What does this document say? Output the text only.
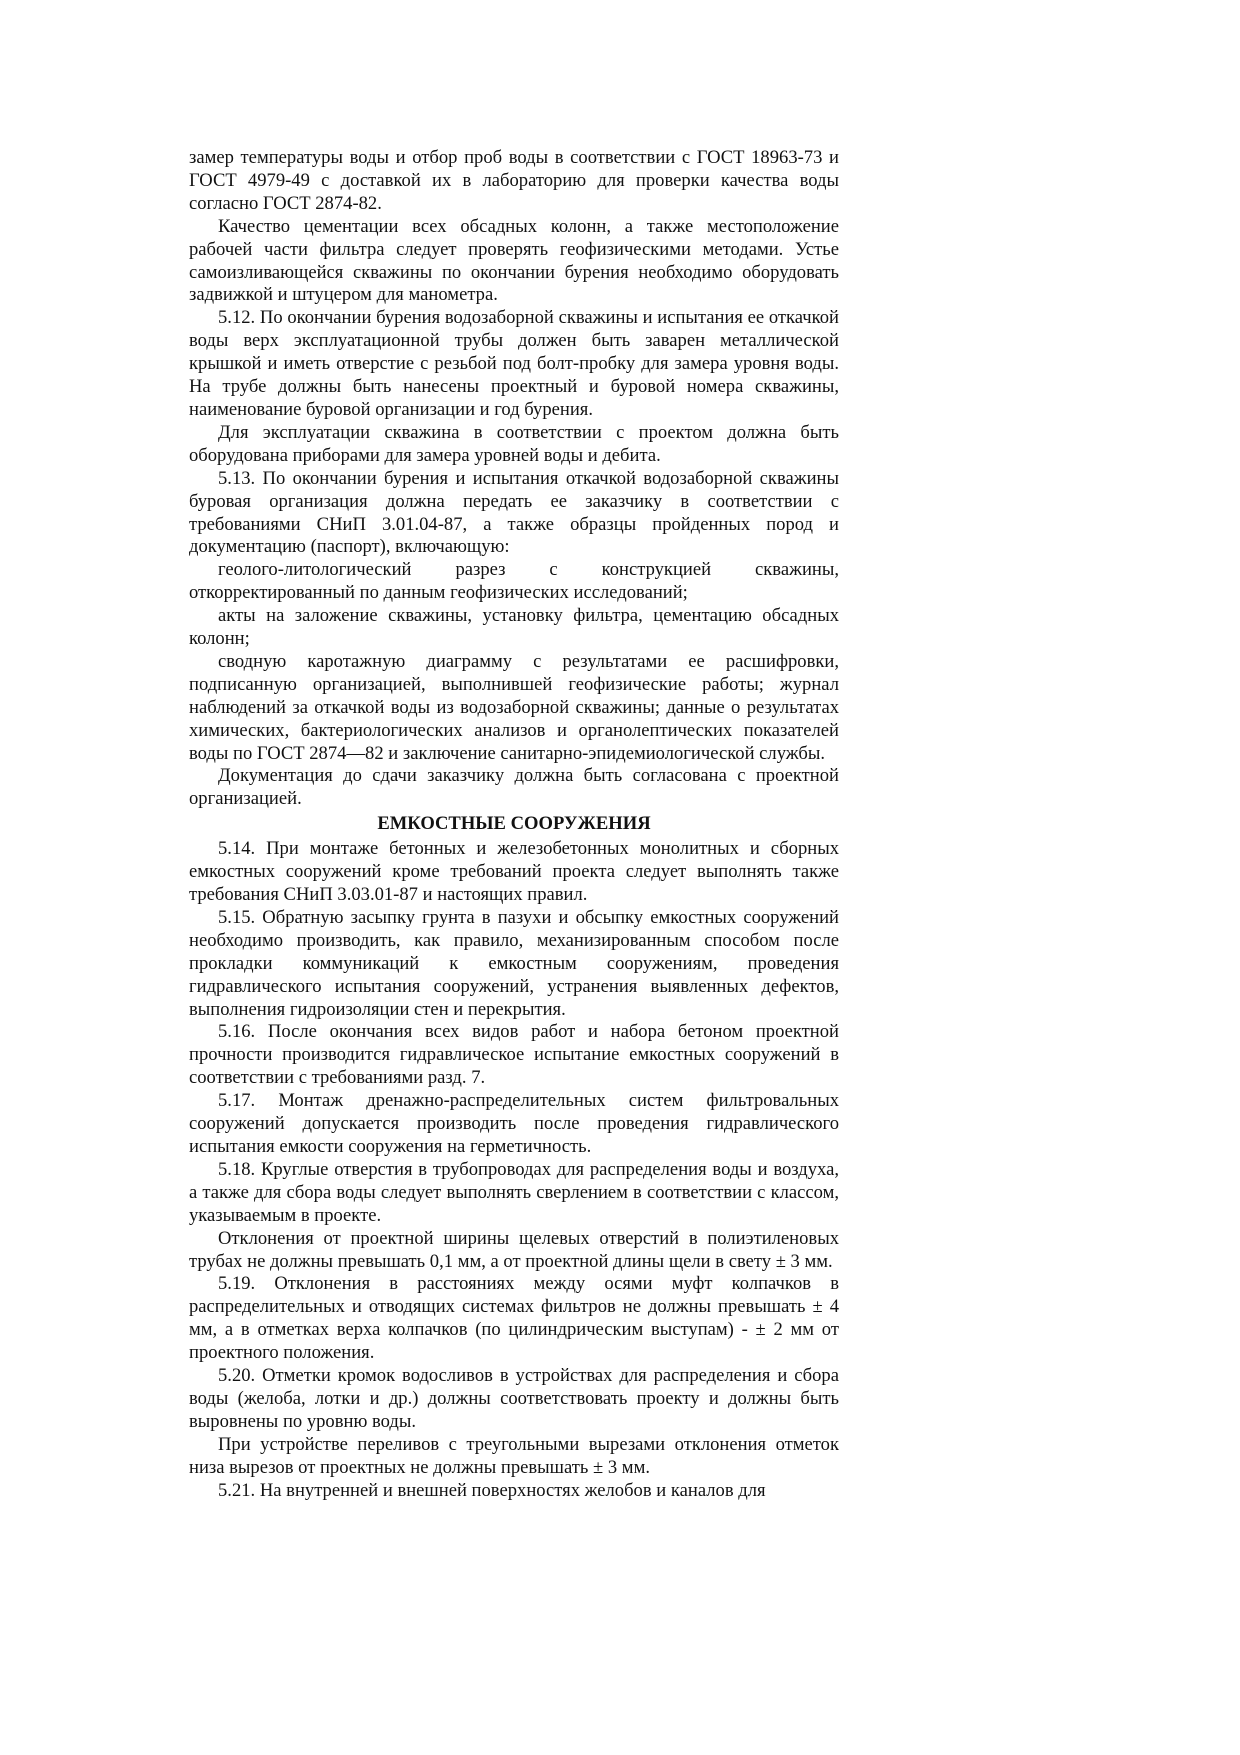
замер температуры воды и отбор проб воды в соответствии с ГОСТ 18963-73 и ГОСТ 4979-49 с доставкой их в лабораторию для проверки качества воды согласно ГОСТ 2874-82.

Качество цементации всех обсадных колонн, а также местоположение рабочей части фильтра следует проверять геофизическими методами. Устье самоизливающейся скважины по окончании бурения необходимо оборудовать задвижкой и штуцером для манометра.

5.12. По окончании бурения водозаборной скважины и испытания ее откачкой воды верх эксплуатационной трубы должен быть заварен металлической крышкой и иметь отверстие с резьбой под болт-пробку для замера уровня воды. На трубе должны быть нанесены проектный и буровой номера скважины, наименование буровой организации и год бурения.

Для эксплуатации скважина в соответствии с проектом должна быть оборудована приборами для замера уровней воды и дебита.

5.13. По окончании бурения и испытания откачкой водозаборной скважины буровая организация должна передать ее заказчику в соответствии с требованиями СНиП 3.01.04-87, а также образцы пройденных пород и документацию (паспорт), включающую:

геолого-литологический разрез с конструкцией скважины, откорректированный по данным геофизических исследований;

акты на заложение скважины, установку фильтра, цементацию обсадных колонн;

сводную каротажную диаграмму с результатами ее расшифровки, подписанную организацией, выполнившей геофизические работы; журнал наблюдений за откачкой воды из водозаборной скважины; данные о результатах химических, бактериологических анализов и органолептических показателей воды по ГОСТ 2874—82 и заключение санитарно-эпидемиологической службы.

Документация до сдачи заказчику должна быть согласована с проектной организацией.

ЕМКОСТНЫЕ СООРУЖЕНИЯ

5.14. При монтаже бетонных и железобетонных монолитных и сборных емкостных сооружений кроме требований проекта следует выполнять также требования СНиП 3.03.01-87 и настоящих правил.

5.15. Обратную засыпку грунта в пазухи и обсыпку емкостных сооружений необходимо производить, как правило, механизированным способом после прокладки коммуникаций к емкостным сооружениям, проведения гидравлического испытания сооружений, устранения выявленных дефектов, выполнения гидроизоляции стен и перекрытия.

5.16. После окончания всех видов работ и набора бетоном проектной прочности производится гидравлическое испытание емкостных сооружений в соответствии с требованиями разд. 7.

5.17. Монтаж дренажно-распределительных систем фильтровальных сооружений допускается производить после проведения гидравлического испытания емкости сооружения на герметичность.

5.18. Круглые отверстия в трубопроводах для распределения воды и воздуха, а также для сбора воды следует выполнять сверлением в соответствии с классом, указываемым в проекте.

Отклонения от проектной ширины щелевых отверстий в полиэтиленовых трубах не должны превышать 0,1 мм, а от проектной длины щели в свету ± 3 мм.

5.19. Отклонения в расстояниях между осями муфт колпачков в распределительных и отводящих системах фильтров не должны превышать ± 4 мм, а в отметках верха колпачков (по цилиндрическим выступам) - ± 2 мм от проектного положения.

5.20. Отметки кромок водосливов в устройствах для распределения и сбора воды (желоба, лотки и др.) должны соответствовать проекту и должны быть выровнены по уровню воды.

При устройстве переливов с треугольными вырезами отклонения отметок низа вырезов от проектных не должны превышать ± 3 мм.

5.21. На внутренней и внешней поверхностях желобов и каналов для
